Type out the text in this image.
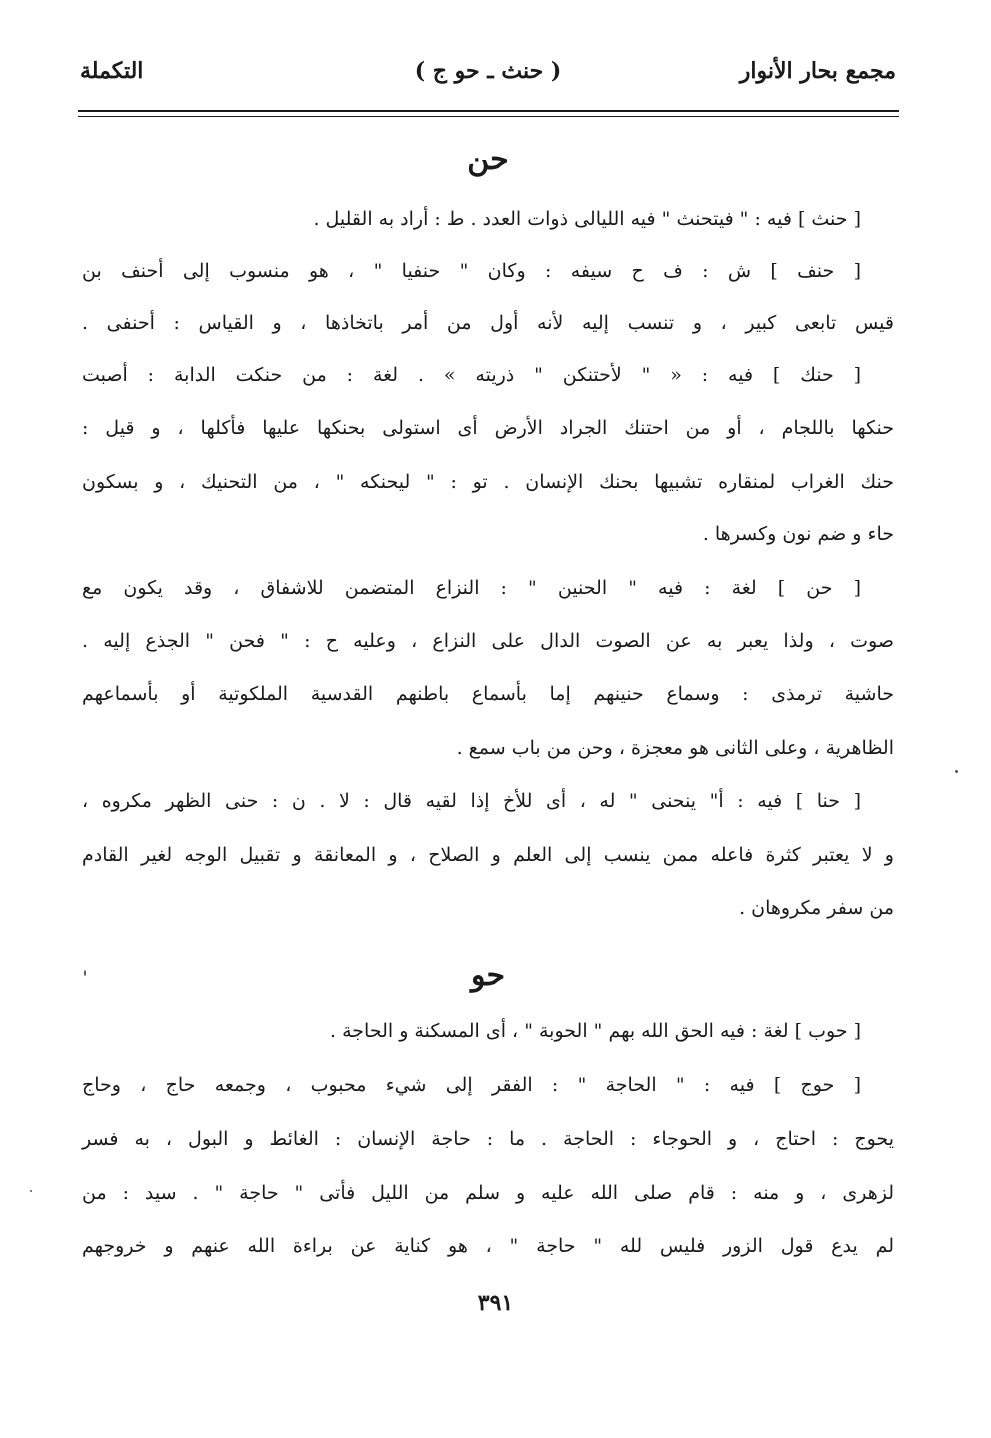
مجمع بحار الأنوار
( حنث ـ حو ج )
التكملة
حن
[ حنث ] فيه : " فيتحنث " فيه الليالى ذوات العدد . ط : أراد به القليل .
[ حنف ] ش : ف ح سيفه : وكان " حنفيا " ، هو منسوب إلى أحنف بن
قيس تابعى كبير ، و تنسب إليه لأنه أول من أمر باتخاذها ، و القياس : أحنفى .
[ حنك ] فيه : « " لأحتنكن " ذريته » . لغة : من حنكت الدابة : أصبت
حنكها باللجام ، أو من احتنك الجراد الأرض أى استولى بحنكها عليها فأكلها ، و قيل :
حنك الغراب لمنقاره تشبيها بحنك الإنسان . تو : " ليحنكه " ، من التحنيك ، و بسكون
حاء و ضم نون وكسرها .
[ حن ] لغة : فيه " الحنين " : النزاع المتضمن للاشفاق ، وقد يكون مع
صوت ، ولذا يعبر به عن الصوت الدال على النزاع ، وعليه ح : " فحن " الجذع إليه .
حاشية ترمذى : وسماع حنينهم إما بأسماع باطنهم القدسية الملكوتية أو بأسماعهم
الظاهرية ، وعلى الثانى هو معجزة ، وحن من باب سمع .
[ حنا ] فيه : أ" ينحنى " له ، أى للأخ إذا لقيه قال : لا . ن : حنى الظهر مكروه ،
و لا يعتبر كثرة فاعله ممن ينسب إلى العلم و الصلاح ، و المعانقة و تقبيل الوجه لغير القادم
من سفر مكروهان .
حو
[ حوب ] لغة : فيه الحق الله بهم " الحوبة " ، أى المسكنة و الحاجة .
[ حوج ] فيه : " الحاجة " : الفقر إلى شيء محبوب ، وجمعه حاج ، وحاج
يحوج : احتاج ، و الحوجاء : الحاجة . ما : حاجة الإنسان : الغائط و البول ، به فسر
لزهرى ، و منه : قام صلى الله عليه و سلم من الليل فأتى " حاجة " . سيد : من
لم يدع قول الزور فليس لله " حاجة " ، هو كناية عن براءة الله عنهم و خروجهم
٣٩١
